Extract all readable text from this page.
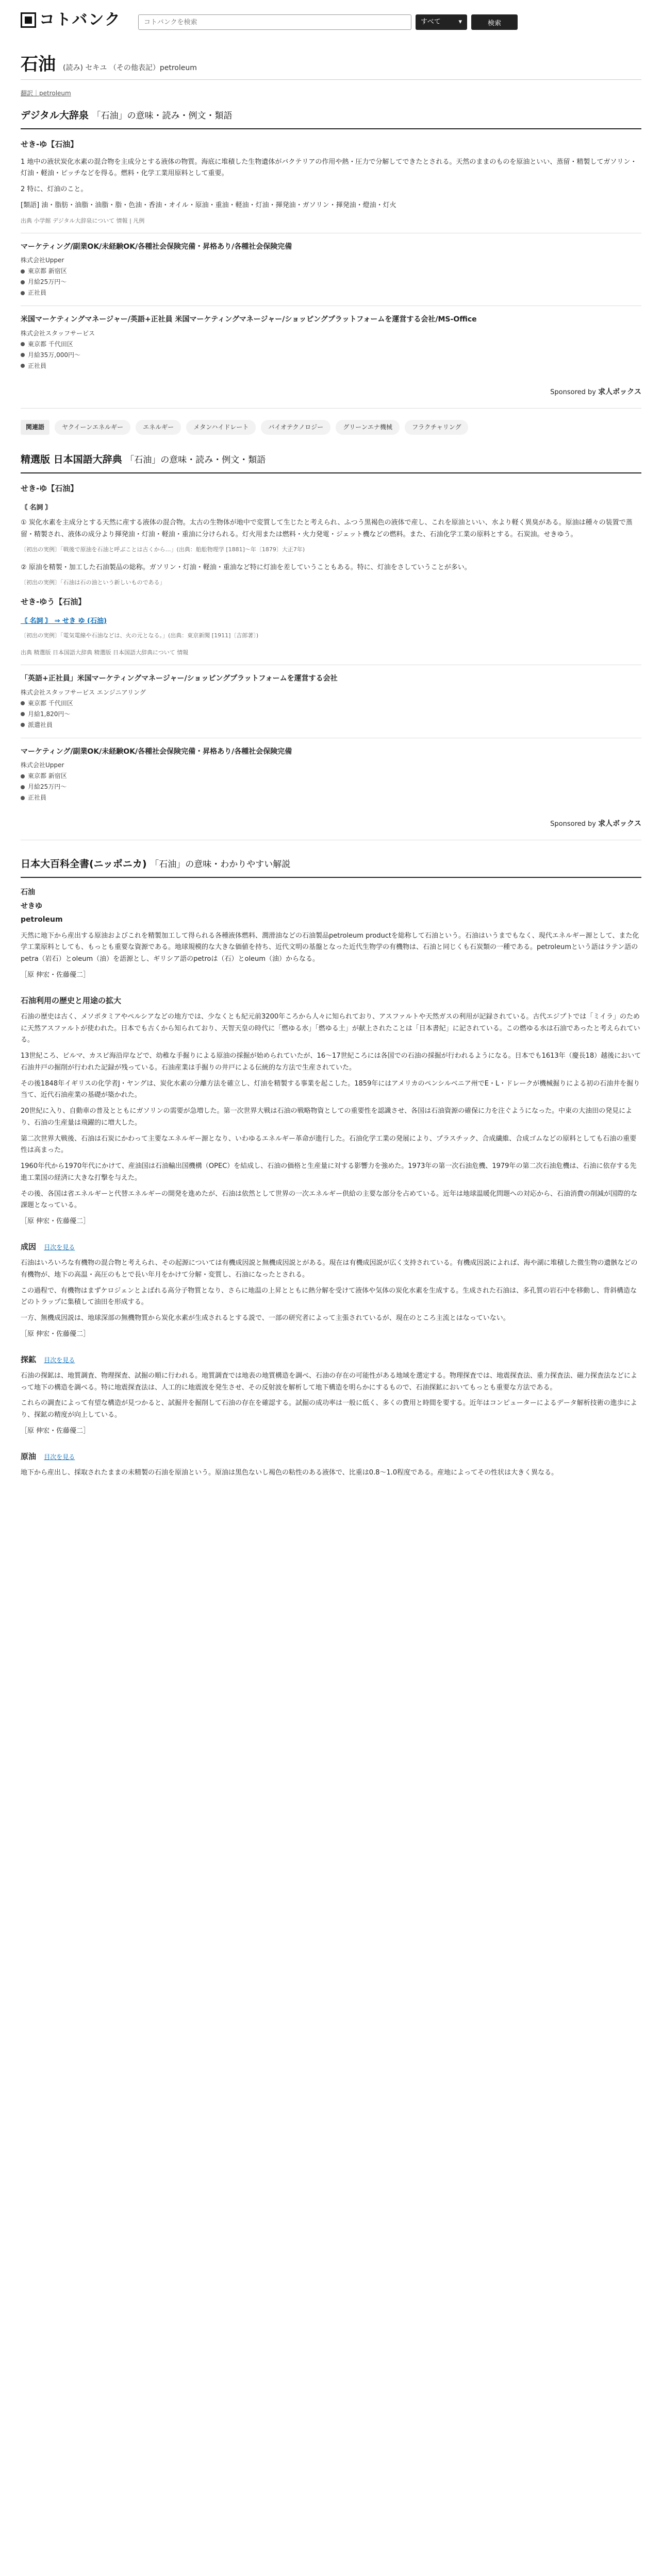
コトバンク
コトバンクを検索	すべて	▾	検索
石油 (読み) セキユ （その他表記）petroleum
翻訳｜petroleum
デジタル大辞泉 「石油」の意味・読み・例文・類語
せき‐ゆ【石油】

1 地中の液状炭化水素の混合物を主成分とする液体の物質。海底に堆積した生物遺体がバクテリアの作用や熱・圧力で分解してできたとされる。天然のままのものを原油といい、蒸留・精製してガソリン・灯油・軽油・ピッチなどを得る。燃料・化学工業用原料として重要。

2 特に、灯油のこと。

[類語] 油・脂肪・油脂・油脂・脂・色油・香油・オイル・原油・重油・軽油・灯油・揮発油・ガソリン・揮発油・燈油・灯火

出典 小学館 デジタル大辞泉について 情報 | 凡例
マーケティング/副業OK/未経験OK/各種社会保険完備・昇格あり/各種社会保険完備
株式会社Upper
東京都 新宿区
月給25万円〜
正社員
米国マーケティングマネージャー/英語+正社員 米国マーケティングマネージャー/ショッピングプラットフォームを運営する会社/MS-Office
株式会社スタッフサービス
東京都 千代田区
月給35万,000円〜
正社員
Sponsored by 求人ボックス
関連語	ヤクイーンエネルギー	エネルギー	メタンハイドレート	バイオテクノロジー	グリーンエナ機械	フラクチャリング
精選版 日本国語大辞典 「石油」の意味・読み・例文・類語
せき‐ゆ【石油】
〘 名詞 〙

① 炭化水素を主成分とする天然に産する液体の混合物。太古の生物体が地中で変質して生じたと考えられ、ふつう黒褐色の液体で産し、これを原油といい、水より軽く異臭がある。原油は種々の装置で蒸留・精製され、液体の成分より揮発油・灯油・軽油・重油に分けられる。灯火用または燃料・火力発電・ジェット機などの燃料。また、石油化学工業の原料とする。石炭油。せきゆう。

〔初出の実例〕「戦後で原油を石油と呼ぶことは古くから…」(出典：舶舩物理学 [1881]〜年〔1879〕大正7年)

② 原油を精製・加工した石油製品の総称。ガソリン・灯油・軽油・重油など特に灯油を差していうこともある。特に、灯油をさしていうことが多い。

〔初出の実例〕「石油は石の油という新しいものである」

せき‐ゆう【石油】
〘 名詞 〙 ⇒ せき ゆ (石油)

〔初出の実例〕「電気電線や石油などは、火の元となる。」(出典：東京新聞 [1911]〔吉郎著〕)

出典 精選版 日本国語大辞典 精選版 日本国語大辞典について 情報
「英語+正社員」米国マーケティングマネージャー/ショッピングプラットフォームを運営する会社
株式会社スタッフサービス エンジニアリング
東京都 千代田区
月給1,820円〜
派遣社員
マーケティング/副業OK/未経験OK/各種社会保険完備・昇格あり/各種社会保険完備
株式会社Upper
東京都 新宿区
月給25万円〜
正社員
Sponsored by 求人ボックス
日本大百科全書(ニッポニカ) 「石油」の意味・わかりやすい解説
石油
せきゆ
petroleum

天然に地下から産出する原油およびこれを精製加工して得られる各種液体燃料、潤滑油などの石油製品petroleum productを総称して石油という。石油はいうまでもなく、現代エネルギー源として、また化学工業原料としても、もっとも重要な資源である。地球規模的な大きな価値を持ち、近代文明の基盤となった近代生物学の有機物は、石油と同じくも石炭類の一種である。petroleumという語はラテン語のpetra（岩石）とoleum（油）を語源とし、ギリシア語のpetroは（石）とoleum（油）からなる。

［原 伸宏・佐藤優二］

石油利用の歴史と用途の拡大

石油の歴史は古く、メソポタミアやペルシアなどの地方では、少なくとも紀元前3200年ころから人々に知られており、アスファルトや天然ガスの利用が記録されている。古代エジプトでは「ミイラ」のために天然アスファルトが使われた。日本でも古くから知られており、天智天皇の時代に「燃ゆる水」「燃ゆる土」が献上されたことは「日本書紀」に記されている。この燃ゆる水は石油であったと考えられている。

13世紀ころ、ビルマ、カスピ海沿岸などで、幼稚な手掘りによる原油の採掘が始められていたが、16〜17世紀ころには各国での石油の採掘が行われるようになる。日本でも1613年（慶長18）越後において石油井戸の掘削が行われた記録が残っている。石油産業は手掘りの井戸による伝統的な方法で生産されていた。

その後1848年イギリスの化学者J・ヤングは、炭化水素の分離方法を確立し、灯油を精製する事業を起こした。1859年にはアメリカのペンシルベニア州でE・L・ドレークが機械掘りによる初の石油井を掘り当て、近代石油産業の基礎が築かれた。

20世紀に入り、自動車の普及とともにガソリンの需要が急増した。第一次世界大戦は石油の戦略物資としての重要性を認識させ、各国は石油資源の確保に力を注ぐようになった。中東の大油田の発見により、石油の生産量は飛躍的に増大した。

第二次世界大戦後、石油は石炭にかわって主要なエネルギー源となり、いわゆるエネルギー革命が進行した。石油化学工業の発展により、プラスチック、合成繊維、合成ゴムなどの原料としても石油の重要性は高まった。

1960年代から1970年代にかけて、産油国は石油輸出国機構（OPEC）を結成し、石油の価格と生産量に対する影響力を強めた。1973年の第一次石油危機、1979年の第二次石油危機は、石油に依存する先進工業国の経済に大きな打撃を与えた。

その後、各国は省エネルギーと代替エネルギーの開発を進めたが、石油は依然として世界の一次エネルギー供給の主要な部分を占めている。近年は地球温暖化問題への対応から、石油消費の削減が国際的な課題となっている。

［原 伸宏・佐藤優二］

成因 目次を見る

石油はいろいろな有機物の混合物と考えられ、その起源については有機成因説と無機成因説とがある。現在は有機成因説が広く支持されている。有機成因説によれば、海や湖に堆積した微生物の遺骸などの有機物が、地下の高温・高圧のもとで長い年月をかけて分解・変質し、石油になったとされる。

この過程で、有機物はまずケロジェンとよばれる高分子物質となり、さらに地温の上昇とともに熱分解を受けて液体や気体の炭化水素を生成する。生成された石油は、多孔質の岩石中を移動し、背斜構造などのトラップに集積して油田を形成する。

一方、無機成因説は、地球深部の無機物質から炭化水素が生成されるとする説で、一部の研究者によって主張されているが、現在のところ主流とはなっていない。

［原 伸宏・佐藤優二］

探鉱 目次を見る

石油の探鉱は、地質調査、物理探査、試掘の順に行われる。地質調査では地表の地質構造を調べ、石油の存在の可能性がある地域を選定する。物理探査では、地震探査法、重力探査法、磁力探査法などによって地下の構造を調べる。特に地震探査法は、人工的に地震波を発生させ、その反射波を解析して地下構造を明らかにするもので、石油探鉱においてもっとも重要な方法である。

これらの調査によって有望な構造が見つかると、試掘井を掘削して石油の存在を確認する。試掘の成功率は一般に低く、多くの費用と時間を要する。近年はコンピューターによるデータ解析技術の進歩により、探鉱の精度が向上している。

［原 伸宏・佐藤優二］

原油 目次を見る

地下から産出し、採取されたままの未精製の石油を原油という。原油は黒色ないし褐色の粘性のある液体で、比重は0.8〜1.0程度である。産地によってその性状は大きく異なる。
